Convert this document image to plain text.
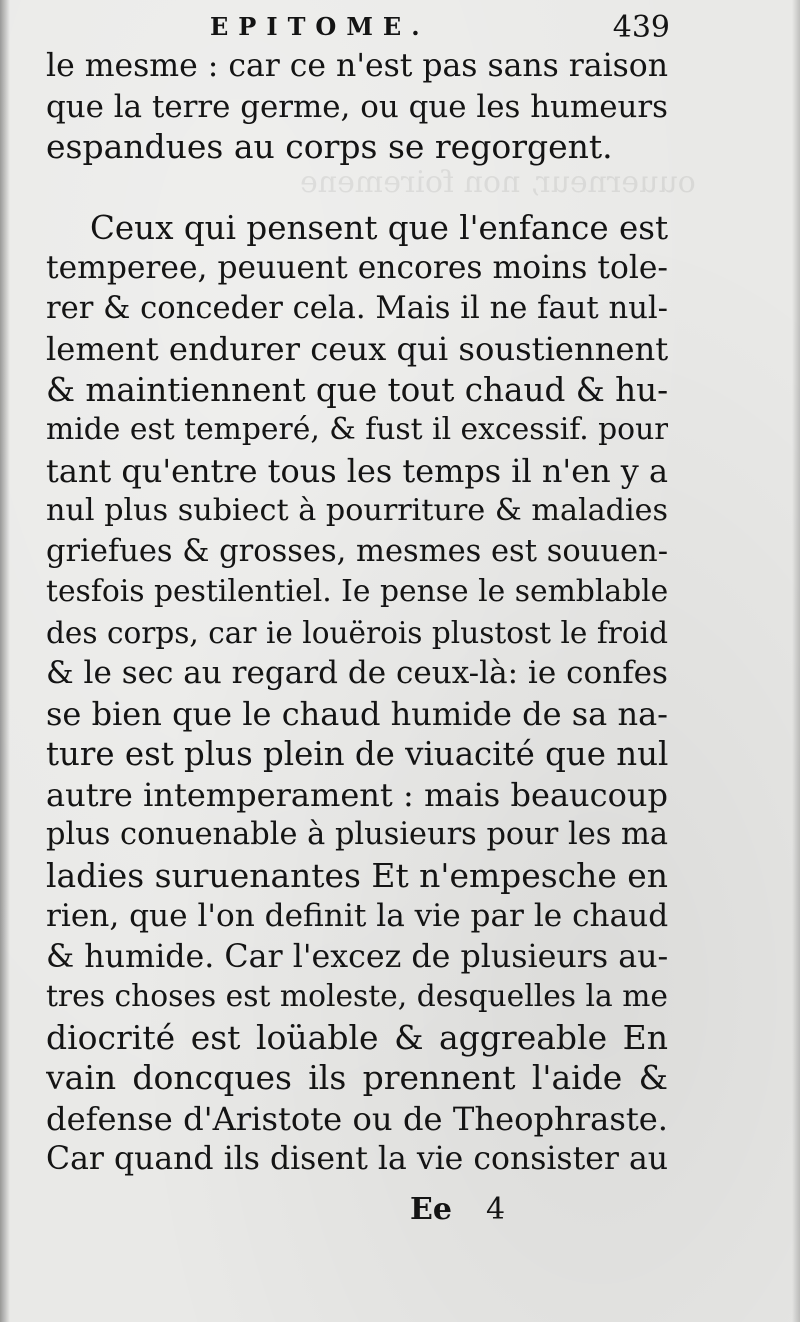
ouuerneur, non foiremene
EPITOME.	439
le mesme : car ce n'est pas sans raison
que la terre germe, ou que les humeurs
espandues au corps se regorgent.
Ceux qui pensent que l'enfance est
temperee, peuuent encores moins tole-
rer & conceder cela. Mais il ne faut nul-
lement endurer ceux qui soustiennent
& maintiennent que tout chaud & hu-
mide est temperé, & fust il excessif. pour
tant qu'entre tous les temps il n'en y a
nul plus subiect à pourriture & maladies
griefues & grosses, mesmes est souuen-
tesfois pestilentiel. Ie pense le semblable
des corps, car ie louërois plustost le froid
& le sec au regard de ceux-là: ie confes
se bien que le chaud humide de sa na-
ture est plus plein de viuacité que nul
autre intemperament : mais beaucoup
plus conuenable à plusieurs pour les ma
ladies suruenantes Et n'empesche en
rien, que l'on definit la vie par le chaud
& humide. Car l'excez de plusieurs au-
tres choses est moleste, desquelles la me
diocrité est loüable & aggreable En
vain doncques ils prennent l'aide &
defense d'Aristote ou de Theophraste.
Car quand ils disent la vie consister au
Ee 4
